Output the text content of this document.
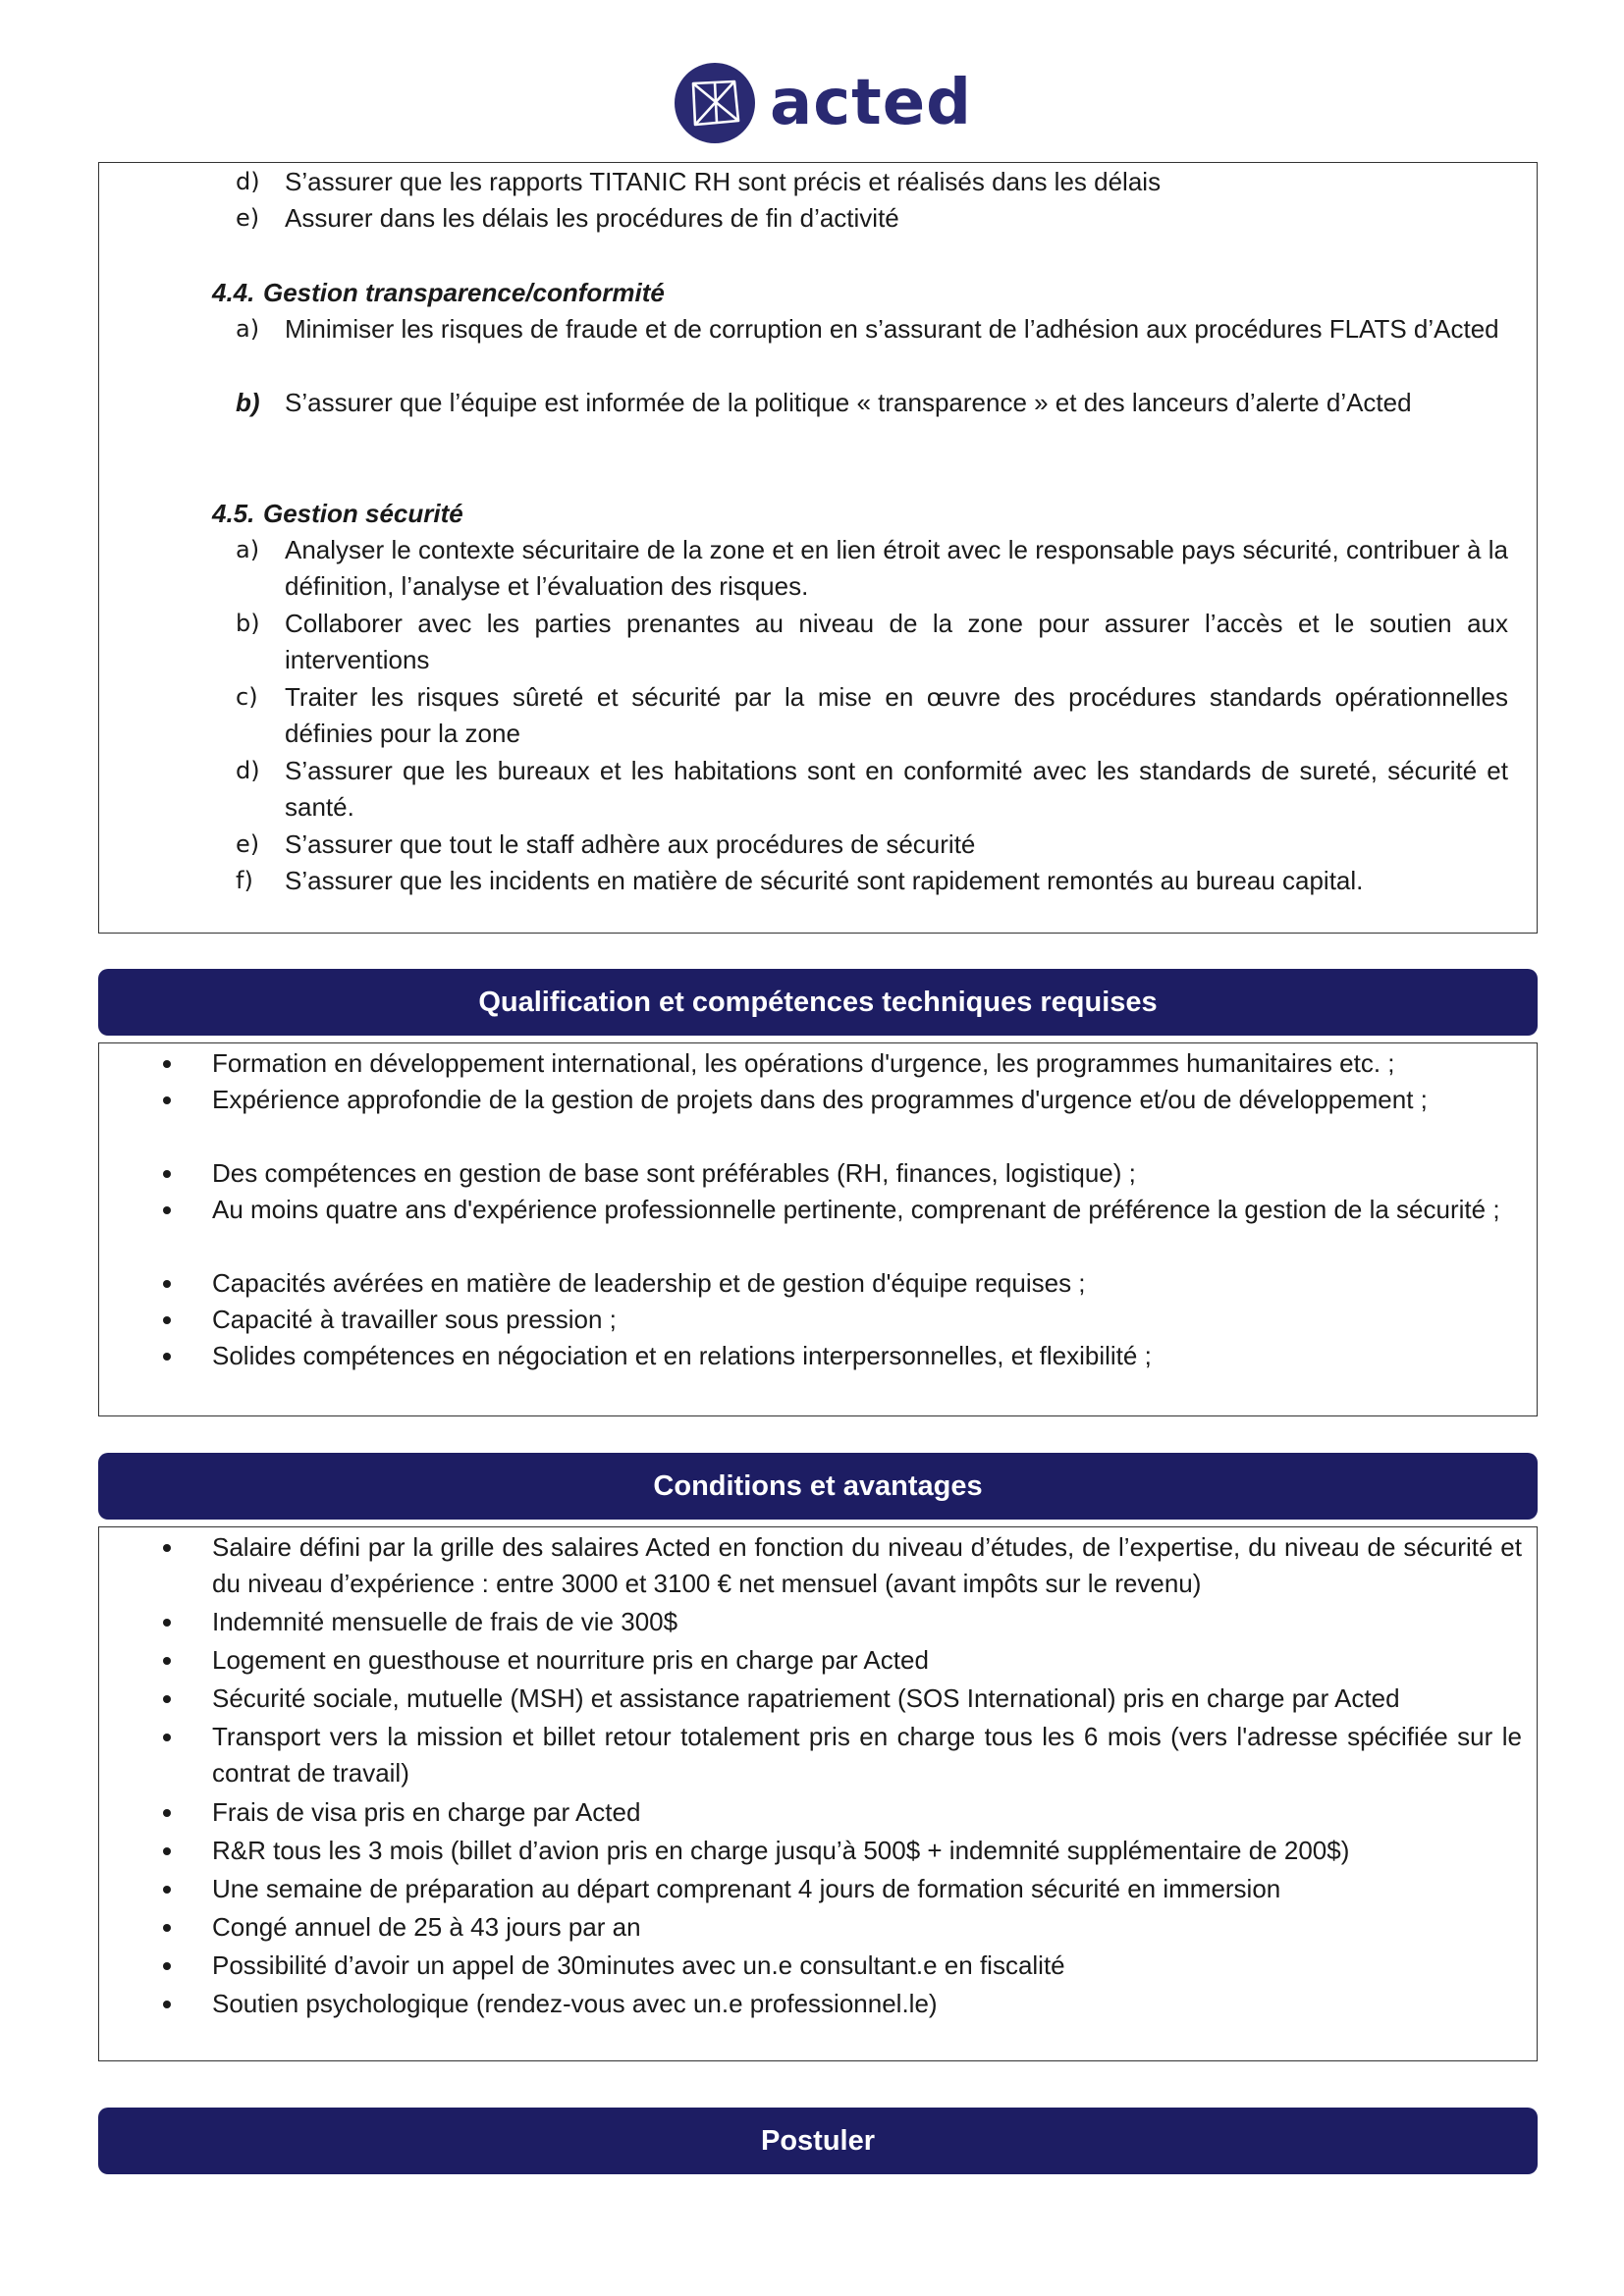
acted
d) S’assurer que les rapports TITANIC RH sont précis et réalisés dans les délais
e) Assurer dans les délais les procédures de fin d’activité
4.4. Gestion transparence/conformité
a) Minimiser les risques de fraude et de corruption en s’assurant de l’adhésion aux procédures FLATS d’Acted
b) S’assurer que l’équipe est informée de la politique « transparence » et des lanceurs d’alerte d’Acted
4.5. Gestion sécurité
a) Analyser le contexte sécuritaire de la zone et en lien étroit avec le responsable pays sécurité, contribuer à la définition, l’analyse et l’évaluation des risques.
b) Collaborer avec les parties prenantes au niveau de la zone pour assurer l’accès et le soutien aux interventions
c)	Traiter les risques sûreté et sécurité par la mise en œuvre des procédures standards opérationnelles définies pour la zone
d) S’assurer que les bureaux et les habitations sont en conformité avec les standards de sureté, sécurité et santé.
e) S’assurer que tout le staff adhère aux procédures de sécurité
f)	S’assurer que les incidents en matière de sécurité sont rapidement remontés au bureau capital.
Qualification et compétences techniques requises
Formation en développement international, les opérations d'urgence, les programmes humanitaires etc. ;
Expérience approfondie de la gestion de projets dans des programmes d'urgence et/ou de développement ;
Des compétences en gestion de base sont préférables (RH, finances, logistique) ;
Au moins quatre ans d'expérience professionnelle pertinente, comprenant de préférence la gestion de la sécurité ;
Capacités avérées en matière de leadership et de gestion d'équipe requises ;
Capacité à travailler sous pression ;
Solides compétences en négociation et en relations interpersonnelles, et flexibilité ;
Conditions et avantages
Salaire défini par la grille des salaires Acted en fonction du niveau d’études, de l’expertise, du niveau de sécurité et du niveau d’expérience : entre 3000 et 3100 € net mensuel (avant impôts sur le revenu)
Indemnité mensuelle de frais de vie 300$
Logement en guesthouse et nourriture pris en charge par Acted
Sécurité sociale, mutuelle (MSH) et assistance rapatriement (SOS International) pris en charge par Acted
Transport vers la mission et billet retour totalement pris en charge tous les 6 mois (vers l'adresse spécifiée sur le contrat de travail)
Frais de visa pris en charge par Acted
R&R tous les 3 mois (billet d’avion pris en charge jusqu’à 500$ + indemnité supplémentaire de 200$)
Une semaine de préparation au départ comprenant 4 jours de formation sécurité en immersion
Congé annuel de 25 à 43 jours par an
Possibilité d’avoir un appel de 30minutes avec un.e consultant.e en fiscalité
Soutien psychologique (rendez-vous avec un.e professionnel.le)
Postuler
